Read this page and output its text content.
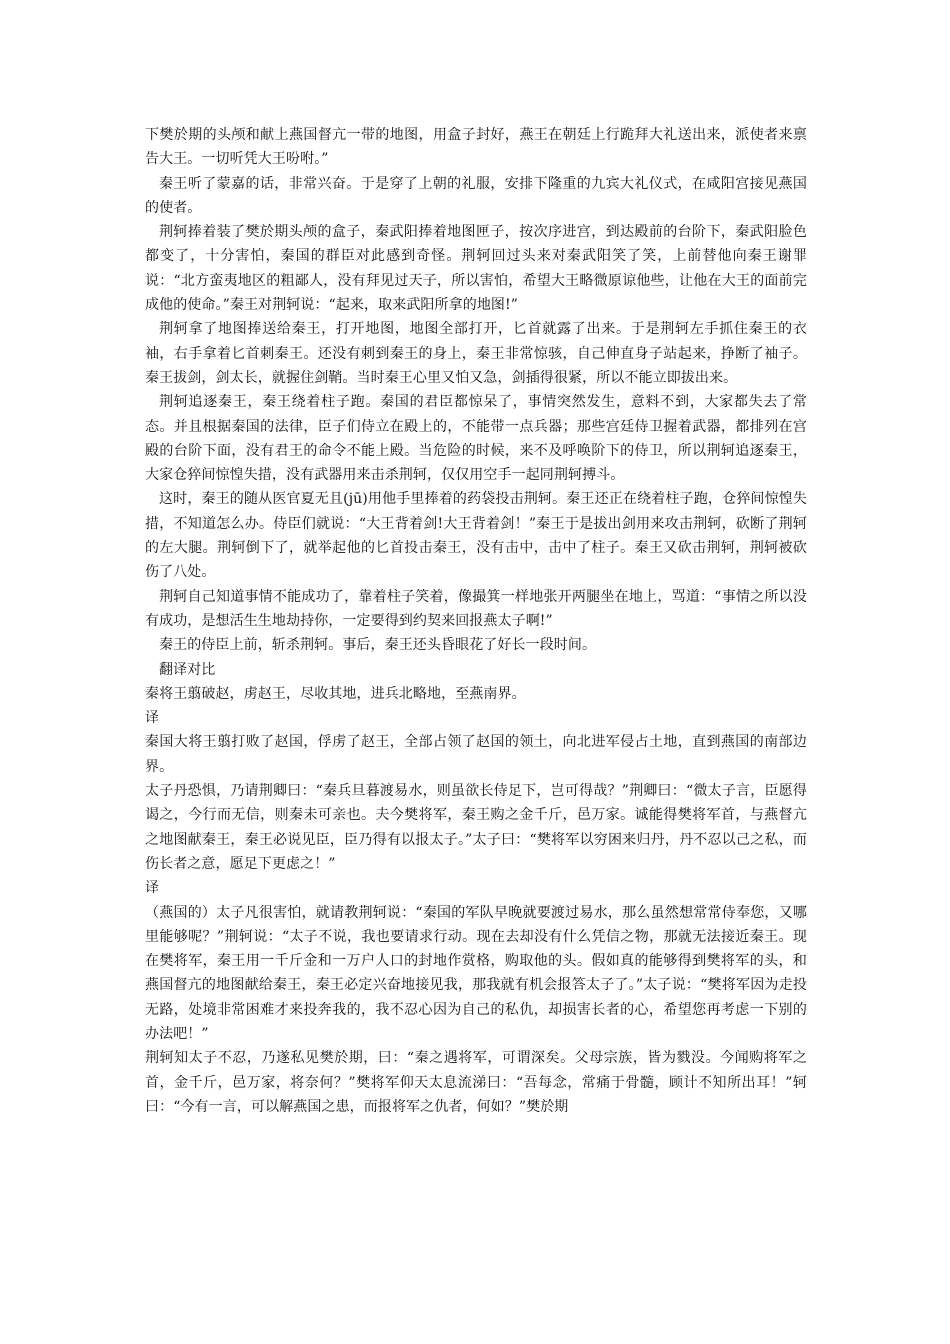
下樊於期的头颅和献上燕国督亢一带的地图，用盒子封好，燕王在朝廷上行跪拜大礼送出来，派使者来禀告大王。一切听凭大王吩咐。”

秦王听了蒙嘉的话，非常兴奋。于是穿了上朝的礼服，安排下隆重的九宾大礼仪式，在咸阳宫接见燕国的使者。

荆轲捧着装了樊於期头颅的盒子，秦武阳捧着地图匣子，按次序进宫，到达殿前的台阶下，秦武阳脸色都变了，十分害怕，秦国的群臣对此感到奇怪。荆轲回过头来对秦武阳笑了笑，上前替他向秦王谢罪说：“北方蛮夷地区的粗鄙人，没有拜见过天子，所以害怕，希望大王略微原谅他些，让他在大王的面前完成他的使命。”秦王对荆轲说：“起来，取来武阳所拿的地图!”

荆轲拿了地图捧送给秦王，打开地图，地图全部打开，匕首就露了出来。于是荆轲左手抓住秦王的衣袖，右手拿着匕首刺秦王。还没有刺到秦王的身上，秦王非常惊骇，自己伸直身子站起来，挣断了袖子。秦王拔剑，剑太长，就握住剑鞘。当时秦王心里又怕又急，剑插得很紧，所以不能立即拔出来。

荆轲追逐秦王，秦王绕着柱子跑。秦国的君臣都惊呆了，事情突然发生，意料不到，大家都失去了常态。并且根据秦国的法律，臣子们侍立在殿上的，不能带一点兵器；那些宫廷侍卫握着武器，都排列在宫殿的台阶下面，没有君王的命令不能上殿。当危险的时候，来不及呼唤阶下的侍卫，所以荆轲追逐秦王，大家仓猝间惊惶失措，没有武器用来击杀荆轲，仅仅用空手一起同荆轲搏斗。

这时，秦王的随从医官夏无且(jū)用他手里捧着的药袋投击荆轲。秦王还正在绕着柱子跑，仓猝间惊惶失措，不知道怎么办。侍臣们就说：“大王背着剑!大王背着剑！”秦王于是拔出剑用来攻击荆轲，砍断了荆轲的左大腿。荆轲倒下了，就举起他的匕首投击秦王，没有击中，击中了柱子。秦王又砍击荆轲，荆轲被砍伤了八处。

荆轲自己知道事情不能成功了，靠着柱子笑着，像撮箕一样地张开两腿坐在地上，骂道：“事情之所以没有成功，是想活生生地劫持你，一定要得到约契来回报燕太子啊!”

秦王的侍臣上前，斩杀荆轲。事后，秦王还头昏眼花了好长一段时间。

翻译对比

秦将王翦破赵，虏赵王，尽收其地，进兵北略地，至燕南界。

译

秦国大将王翦打败了赵国，俘虏了赵王，全部占领了赵国的领土，向北进军侵占土地，直到燕国的南部边界。

太子丹恐惧，乃请荆卿曰：“秦兵旦暮渡易水，则虽欲长侍足下，岂可得哉？”荆卿曰：“微太子言，臣愿得谒之，今行而无信，则秦未可亲也。夫今樊将军，秦王购之金千斤，邑万家。诚能得樊将军首，与燕督亢之地图献秦王，秦王必说见臣，臣乃得有以报太子。”太子曰：“樊将军以穷困来归丹，丹不忍以己之私，而伤长者之意，愿足下更虑之！”

译

（燕国的）太子凡很害怕，就请教荆轲说：“秦国的军队早晚就要渡过易水，那么虽然想常常侍奉您，又哪里能够呢？”荆轲说：“太子不说，我也要请求行动。现在去却没有什么凭信之物，那就无法接近秦王。现在樊将军，秦王用一千斤金和一万户人口的封地作赏格，购取他的头。假如真的能够得到樊将军的头，和燕国督亢的地图献给秦王，秦王必定兴奋地接见我，那我就有机会报答太子了。”太子说：“樊将军因为走投无路，处境非常困难才来投奔我的，我不忍心因为自己的私仇，却损害长者的心，希望您再考虑一下别的办法吧！”

荆轲知太子不忍，乃遂私见樊於期，曰：“秦之遇将军，可谓深矣。父母宗族，皆为戮没。今闻购将军之首，金千斤，邑万家，将奈何？”樊将军仰天太息流涕曰：“吾每念，常痛于骨髓，顾计不知所出耳！”轲曰：“今有一言，可以解燕国之患，而报将军之仇者，何如？”樊於期
